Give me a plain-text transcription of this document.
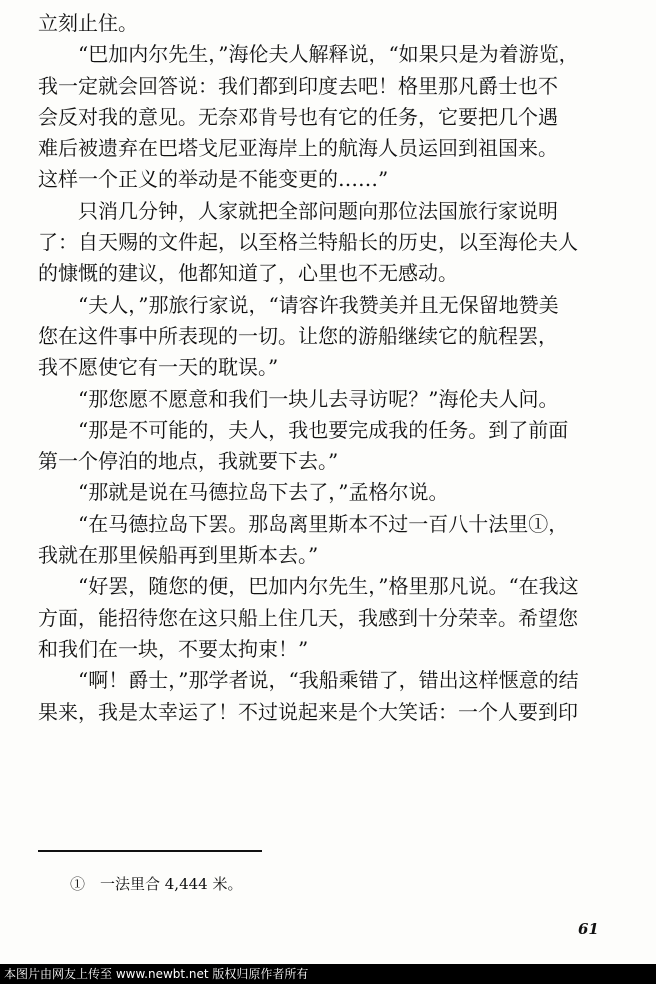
立刻止住。
“巴加内尔先生，”海伦夫人解释说，“如果只是为着游览，
我一定就会回答说：我们都到印度去吧！格里那凡爵士也不
会反对我的意见。无奈邓肯号也有它的任务，它要把几个遇
难后被遗弃在巴塔戈尼亚海岸上的航海人员运回到祖国来。
这样一个正义的举动是不能变更的……”
只消几分钟，人家就把全部问题向那位法国旅行家说明
了：自天赐的文件起，以至格兰特船长的历史，以至海伦夫人
的慷慨的建议，他都知道了，心里也不无感动。
“夫人，”那旅行家说，“请容许我赞美并且无保留地赞美
您在这件事中所表现的一切。让您的游船继续它的航程罢，
我不愿使它有一天的耽误。”
“那您愿不愿意和我们一块儿去寻访呢？”海伦夫人问。
“那是不可能的，夫人，我也要完成我的任务。到了前面
第一个停泊的地点，我就要下去。”
“那就是说在马德拉岛下去了，”孟格尔说。
“在马德拉岛下罢。那岛离里斯本不过一百八十法里①，
我就在那里候船再到里斯本去。”
“好罢，随您的便，巴加内尔先生，”格里那凡说。“在我这
方面，能招待您在这只船上住几天，我感到十分荣幸。希望您
和我们在一块，不要太拘束！”
“啊！爵士，”那学者说，“我船乘错了，错出这样惬意的结
果来，我是太幸运了！不过说起来是个大笑话：一个人要到印
①　一法里合 4,444 米。
61
本图片由网友上传至 www.newbt.net 版权归原作者所有
